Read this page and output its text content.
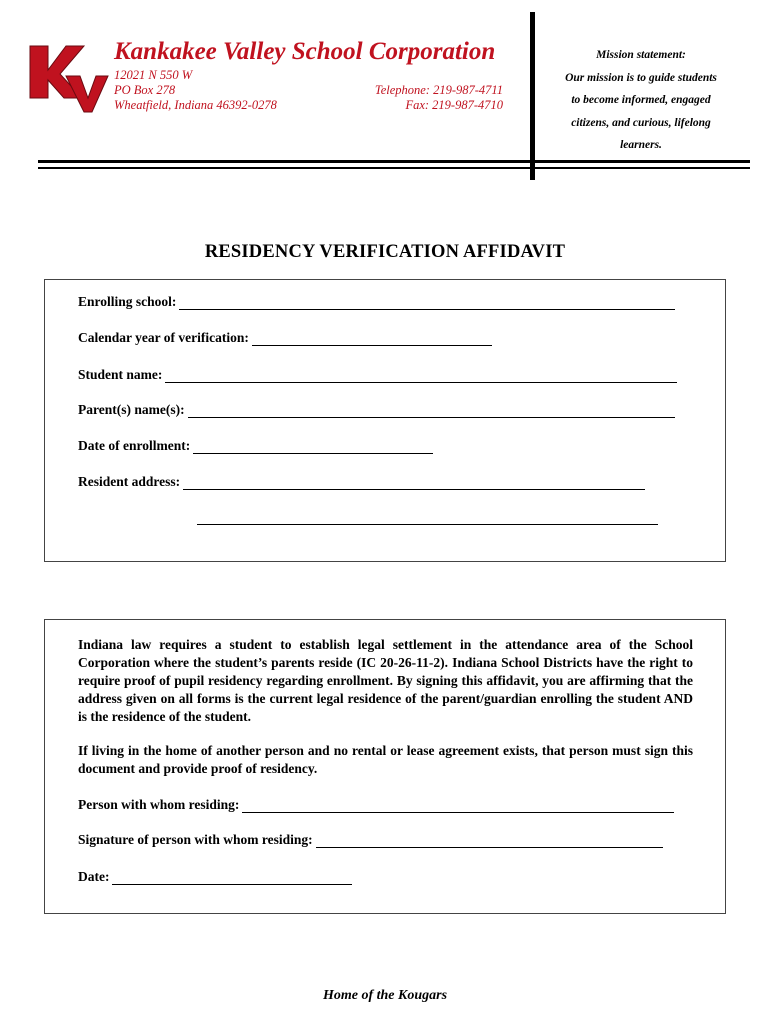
Kankakee Valley School Corporation
12021 N 550 W
PO Box 278
Wheatfield, Indiana 46392-0278
Telephone: 219-987-4711
Fax: 219-987-4710
Mission statement:
Our mission is to guide students
to become informed, engaged
citizens, and curious, lifelong
learners.
RESIDENCY VERIFICATION AFFIDAVIT
Enrolling school:
Calendar year of verification:
Student name:
Parent(s) name(s):
Date of enrollment:
Resident address:
Indiana law requires a student to establish legal settlement in the attendance area of the School Corporation where the student’s parents reside (IC 20-26-11-2). Indiana School Districts have the right to require proof of pupil residency regarding enrollment. By signing this affidavit, you are affirming that the address given on all forms is the current legal residence of the parent/guardian enrolling the student AND is the residence of the student.
If living in the home of another person and no rental or lease agreement exists, that person must sign this document and provide proof of residency.
Person with whom residing:
Signature of person with whom residing:
Date:
Home of the Kougars
